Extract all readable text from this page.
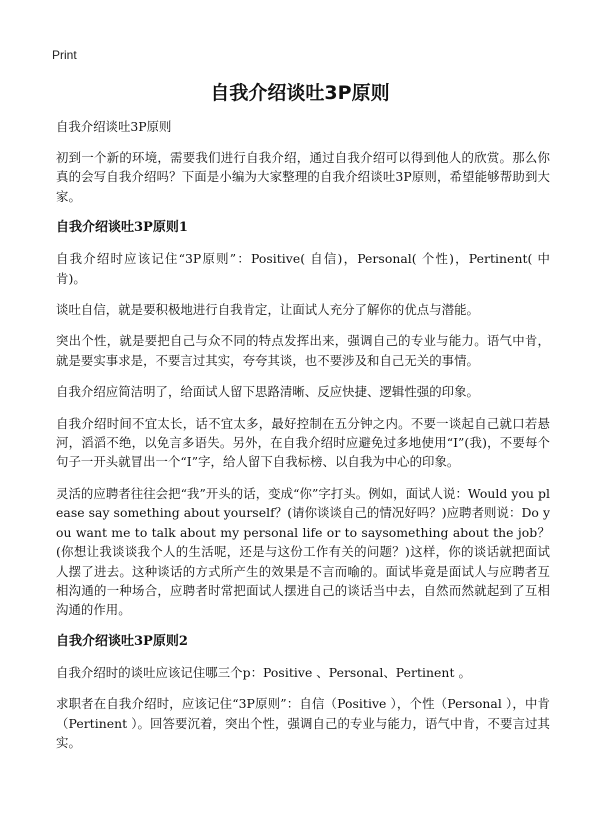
Print
自我介绍谈吐3P原则

自我介绍谈吐3P原则

初到一个新的环境，需要我们进行自我介绍，通过自我介绍可以得到他人的欣赏。那么你真的会写自我介绍吗？下面是小编为大家整理的自我介绍谈吐3P原则，希望能够帮助到大家。

自我介绍谈吐3P原则1

自我介绍时应该记住“3P原则”：Positive( 自信)，Personal( 个性)，Pertinent( 中肯)。

谈吐自信，就是要积极地进行自我肯定，让面试人充分了解你的优点与潜能。

突出个性，就是要把自己与众不同的特点发挥出来，强调自己的专业与能力。语气中肯，就是要实事求是，不要言过其实，夸夸其谈，也不要涉及和自己无关的事情。

自我介绍应简洁明了，给面试人留下思路清晰、反应快捷、逻辑性强的印象。

自我介绍时间不宜太长，话不宜太多，最好控制在五分钟之内。不要一谈起自己就口若悬河，滔滔不绝，以免言多语失。另外，在自我介绍时应避免过多地使用“I”(我)，不要每个句子一开头就冒出一个“I”字，给人留下自我标榜、以自我为中心的印象。

灵活的应聘者往往会把“我”开头的话，变成“你”字打头。例如，面试人说：Would you please say something about yourself？(请你谈谈自己的情况好吗？)应聘者则说：Do you want me to talk about my personal life or to saysomething about the job？(你想让我谈谈我个人的生活呢，还是与这份工作有关的问题？)这样，你的谈话就把面试人摆了进去。这种谈话的方式所产生的效果是不言而喻的。面试毕竟是面试人与应聘者互相沟通的一种场合，应聘者时常把面试人摆进自己的谈话当中去，自然而然就起到了互相沟通的作用。

自我介绍谈吐3P原则2

自我介绍时的谈吐应该记住哪三个p：Positive 、Personal、Pertinent 。

求职者在自我介绍时，应该记住“3P原则”：自信（Positive ），个性（Personal ），中肯（Pertinent ）。回答要沉着，突出个性，强调自己的专业与能力，语气中肯，不要言过其实。
